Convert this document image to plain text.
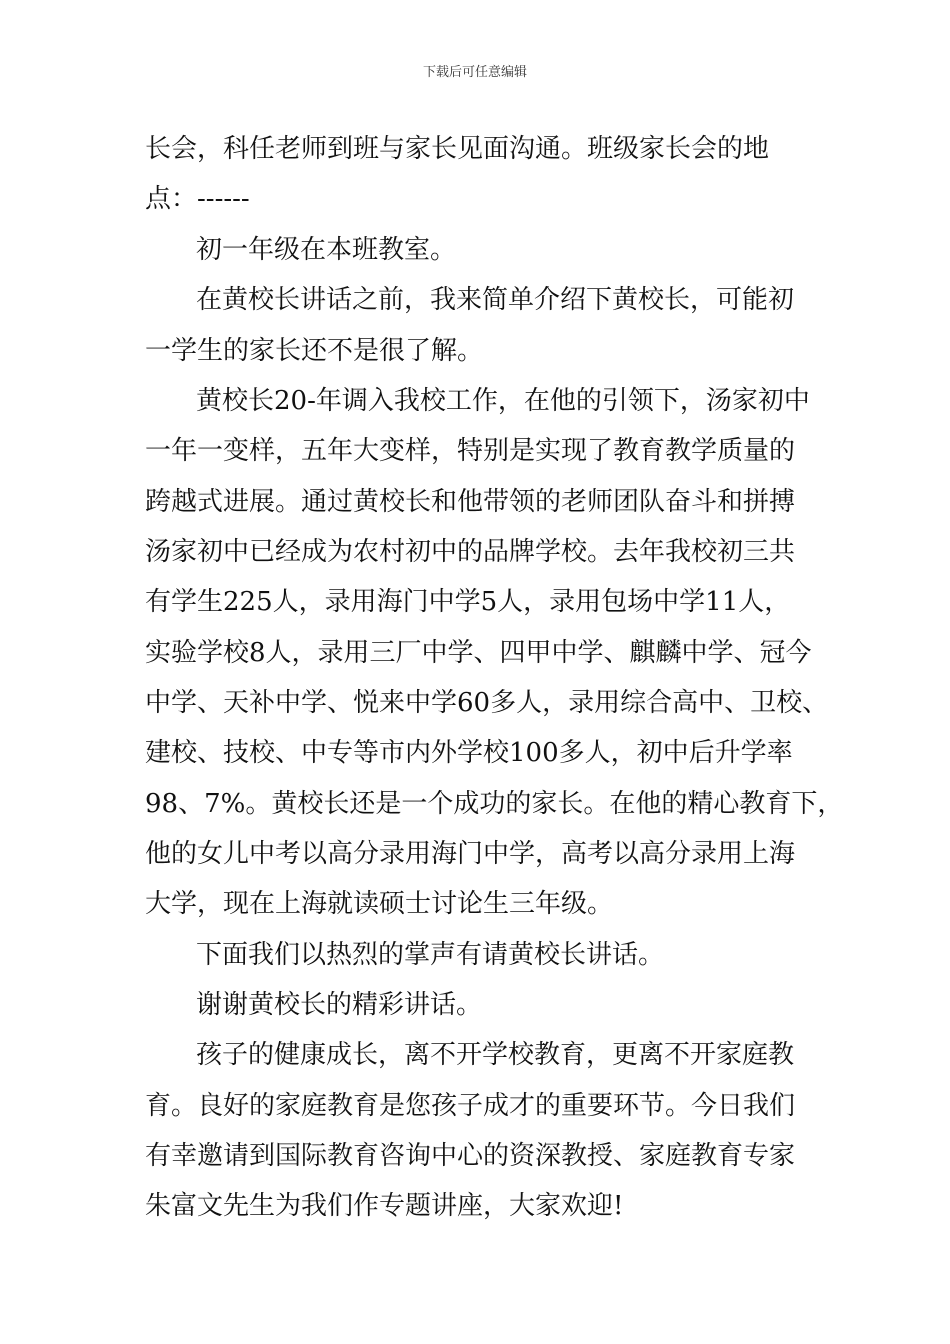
下载后可任意编辑
长会，科任老师到班与家长见面沟通。班级家长会的地
点：------
初一年级在本班教室。
在黄校长讲话之前，我来简单介绍下黄校长，可能初
一学生的家长还不是很了解。
黄校长20-年调入我校工作，在他的引领下，汤家初中
一年一变样，五年大变样，特别是实现了教育教学质量的
跨越式进展。通过黄校长和他带领的老师团队奋斗和拼搏
汤家初中已经成为农村初中的品牌学校。去年我校初三共
有学生225人，录用海门中学5人，录用包场中学11人，
实验学校8人，录用三厂中学、四甲中学、麒麟中学、冠今
中学、天补中学、悦来中学60多人，录用综合高中、卫校、
建校、技校、中专等市内外学校100多人，初中后升学率
98、7%。黄校长还是一个成功的家长。在他的精心教育下，
他的女儿中考以高分录用海门中学，高考以高分录用上海
大学，现在上海就读硕士讨论生三年级。
下面我们以热烈的掌声有请黄校长讲话。
谢谢黄校长的精彩讲话。
孩子的健康成长，离不开学校教育，更离不开家庭教
育。良好的家庭教育是您孩子成才的重要环节。今日我们
有幸邀请到国际教育咨询中心的资深教授、家庭教育专家
朱富文先生为我们作专题讲座，大家欢迎!
